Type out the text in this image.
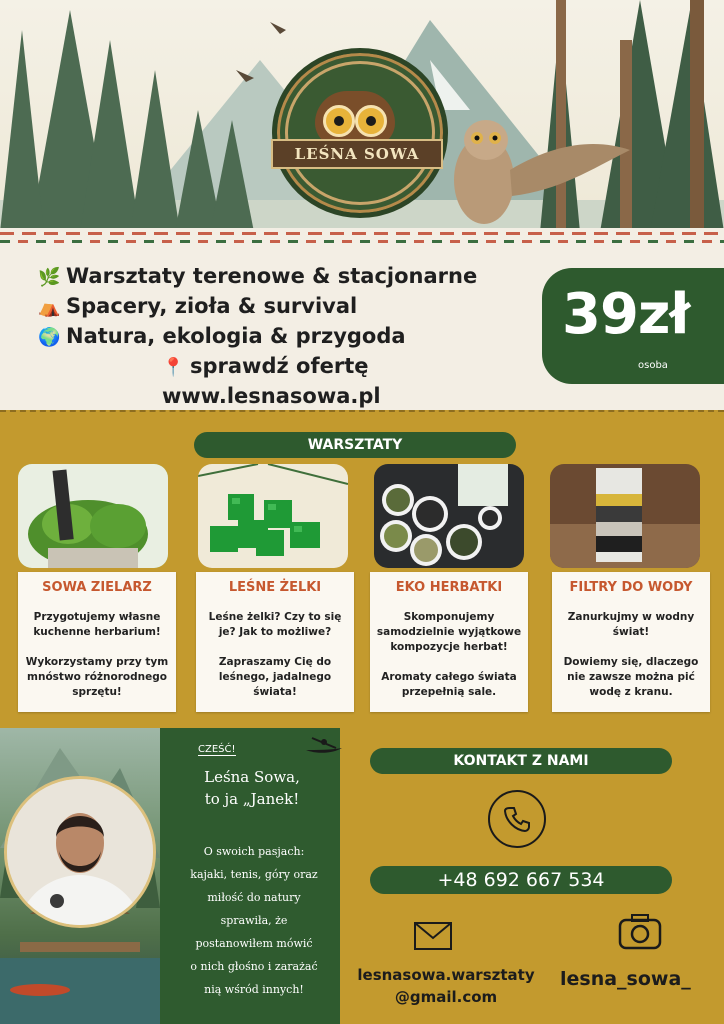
LEŚNA SOWA
🌿 Warsztaty terenowe & stacjonarne
⛺ Spacery, zioła & survival
🌍 Natura, ekologia & przygoda
📍 sprawdź ofertę
www.lesnasowa.pl
39zł
osoba
WARSZTATY
SOWA ZIELARZ
Przygotujemy własne kuchenne herbarium!

Wykorzystamy przy tym mnóstwo różnorodnego sprzętu!
LEŚNE ŻELKI
Leśne żelki? Czy to się je? Jak to możliwe?

Zapraszamy Cię do leśnego, jadalnego świata!
EKO HERBATKI
Skomponujemy samodzielnie wyjątkowe kompozycje herbat!

Aromaty całego świata przepełnią sale.
FILTRY DO WODY
Zanurkujmy w wodny świat!

Dowiemy się, dlaczego nie zawsze można pić wodę z kranu.
CZEŚĆ!
Leśna Sowa,
to ja „Janek!
O swoich pasjach:
kajaki, tenis, góry oraz
miłość do natury
sprawiła, że
postanowiłem mówić
o nich głośno i zarażać
nią wśród innych!
KONTAKT Z NAMI
+48 692 667 534
lesnasowa.warsztaty
@gmail.com
lesna_sowa_
